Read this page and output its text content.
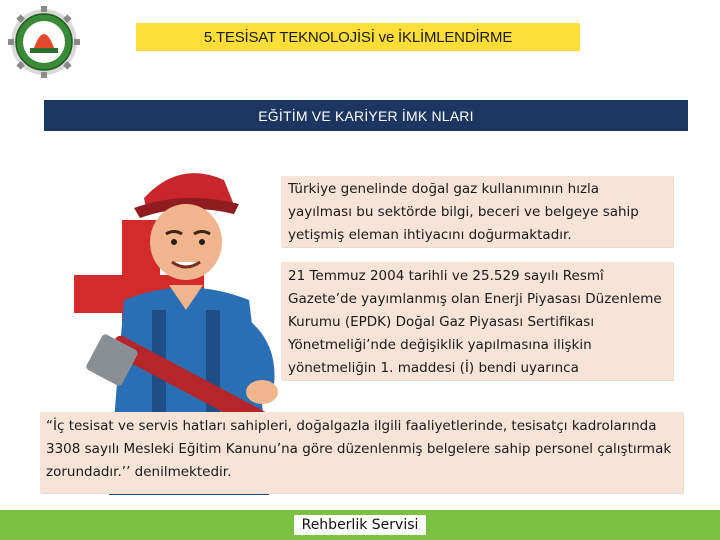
5.TESİSAT TEKNOLOJİSİ ve İKLİMLENDİRME
EĞİTİM VE KARİYER İMK NLARI
Türkiye genelinde doğal gaz kullanımının hızla yayılması bu sektörde bilgi, beceri ve belgeye sahip yetişmiş eleman ihtiyacını doğurmaktadır.
21 Temmuz 2004 tarihli ve 25.529 sayılı Resmî Gazete’de yayımlanmış olan Enerji Piyasası Düzenleme Kurumu (EPDK) Doğal Gaz Piyasası Sertifikası Yönetmeliği’nde değişiklik yapılmasına ilişkin yönetmeliğin 1. maddesi (İ) bendi uyarınca
“İç tesisat ve servis hatları sahipleri, doğalgazla ilgili faaliyetlerinde, tesisatçı kadrolarında 3308 sayılı Mesleki Eğitim Kanunu’na göre düzenlenmiş belgelere sahip personel çalıştırmak zorundadır.’’ denilmektedir.
Rehberlik Servisi
